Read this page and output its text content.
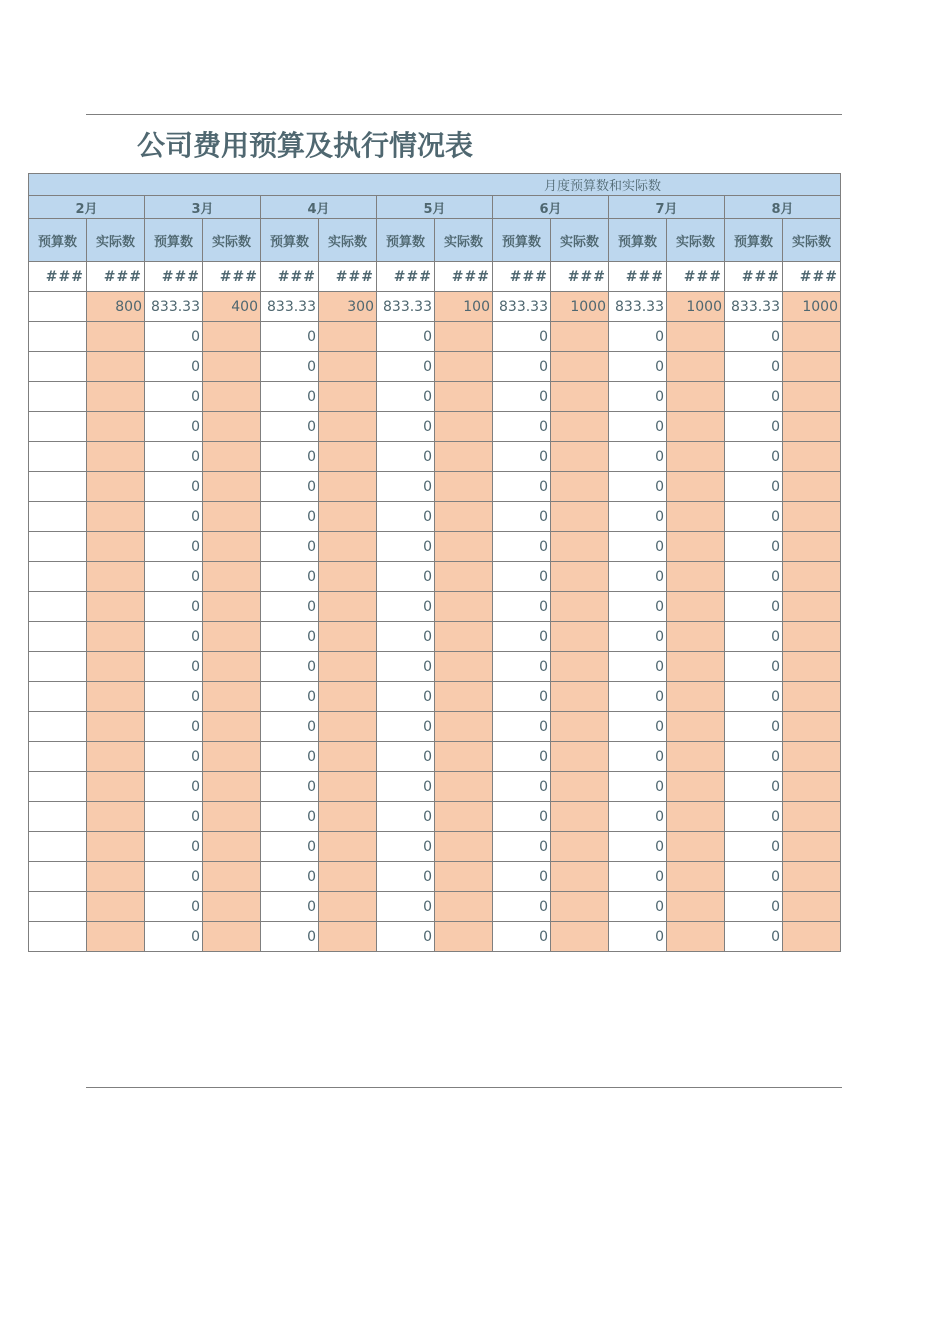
公司费用预算及执行情况表
月度预算数和实际数													
2月		3月		4月		5月		6月		7月		8月	
预算数	实际数	预算数	实际数	预算数	实际数	预算数	实际数	预算数	实际数	预算数	实际数	预算数	实际数
###	###	###	###	###	###	###	###	###	###	###	###	###	###
	800	833.33	400	833.33	300	833.33	100	833.33	1000	833.33	1000	833.33	1000
		0		0		0		0		0		0	
		0		0		0		0		0		0	
		0		0		0		0		0		0	
		0		0		0		0		0		0	
		0		0		0		0		0		0	
		0		0		0		0		0		0	
		0		0		0		0		0		0	
		0		0		0		0		0		0	
		0		0		0		0		0		0	
		0		0		0		0		0		0	
		0		0		0		0		0		0	
		0		0		0		0		0		0	
		0		0		0		0		0		0	
		0		0		0		0		0		0	
		0		0		0		0		0		0	
		0		0		0		0		0		0	
		0		0		0		0		0		0	
		0		0		0		0		0		0	
		0		0		0		0		0		0	
		0		0		0		0		0		0	
		0		0		0		0		0		0	
